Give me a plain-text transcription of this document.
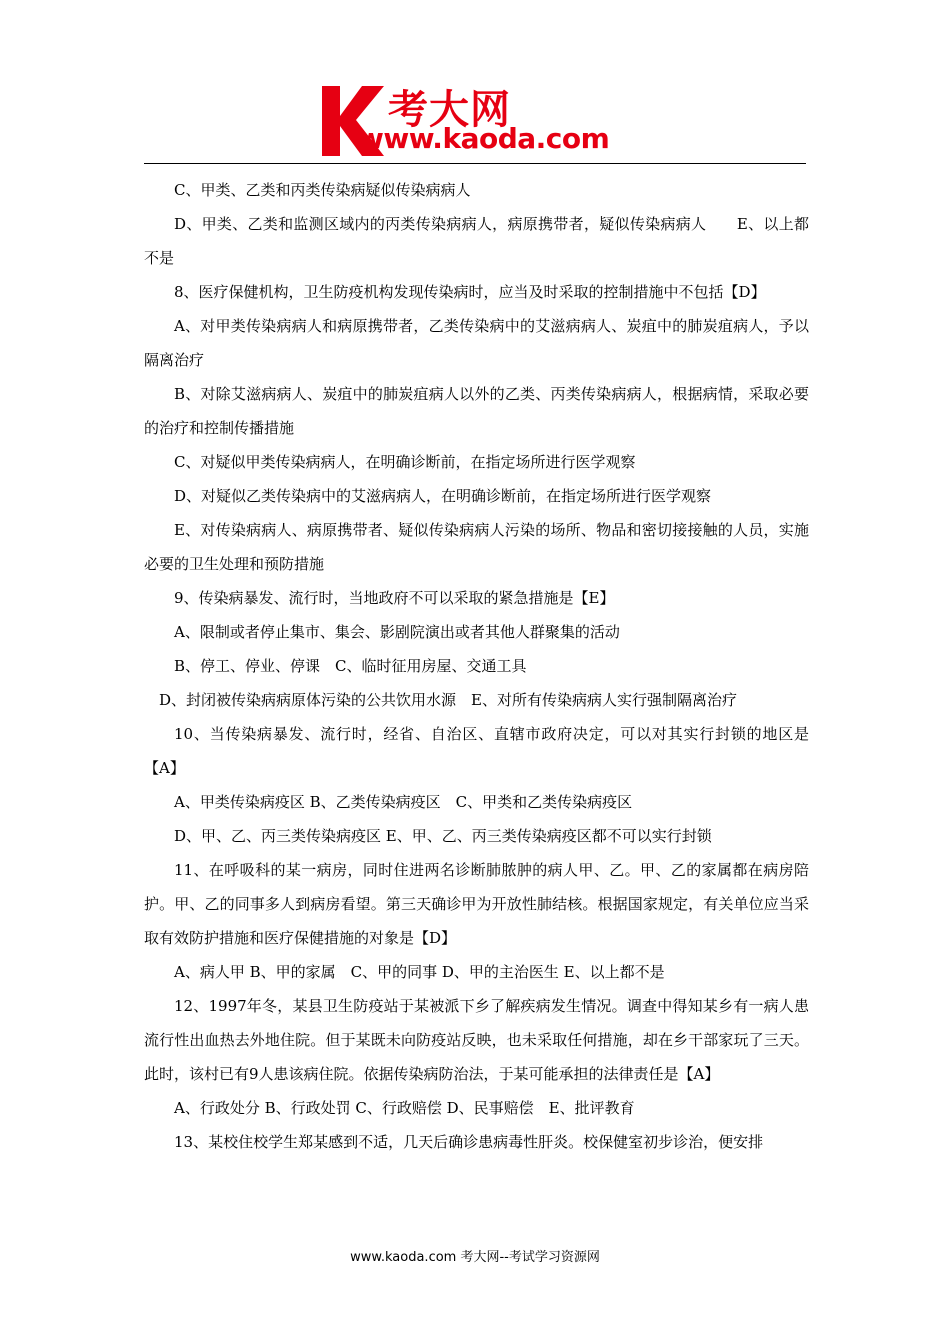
考大网
www.kaoda.com

C、甲类、乙类和丙类传染病疑似传染病病人

D、甲类、乙类和监测区域内的丙类传染病病人，病原携带者，疑似传染病病人　　E、以上都不是

8、医疗保健机构，卫生防疫机构发现传染病时，应当及时采取的控制措施中不包括【D】

A、对甲类传染病病人和病原携带者，乙类传染病中的艾滋病病人、炭疽中的肺炭疽病人，予以隔离治疗

B、对除艾滋病病人、炭疽中的肺炭疽病人以外的乙类、丙类传染病病人，根据病情，采取必要的治疗和控制传播措施

C、对疑似甲类传染病病人，在明确诊断前，在指定场所进行医学观察

D、对疑似乙类传染病中的艾滋病病人，在明确诊断前，在指定场所进行医学观察

E、对传染病病人、病原携带者、疑似传染病病人污染的场所、物品和密切接接触的人员，实施必要的卫生处理和预防措施

9、传染病暴发、流行时，当地政府不可以采取的紧急措施是【E】

A、限制或者停止集市、集会、影剧院演出或者其他人群聚集的活动

B、停工、停业、停课　C、临时征用房屋、交通工具

D、封闭被传染病病原体污染的公共饮用水源　E、对所有传染病病人实行强制隔离治疗

10、当传染病暴发、流行时，经省、自治区、直辖市政府决定，可以对其实行封锁的地区是【A】

A、甲类传染病疫区 B、乙类传染病疫区　C、甲类和乙类传染病疫区

D、甲、乙、丙三类传染病疫区 E、甲、乙、丙三类传染病疫区都不可以实行封锁

11、在呼吸科的某一病房，同时住进两名诊断肺脓肿的病人甲、乙。甲、乙的家属都在病房陪护。甲、乙的同事多人到病房看望。第三天确诊甲为开放性肺结核。根据国家规定，有关单位应当采取有效防护措施和医疗保健措施的对象是【D】

A、病人甲 B、甲的家属　C、甲的同事 D、甲的主治医生 E、以上都不是

12、1997年冬，某县卫生防疫站于某被派下乡了解疾病发生情况。调查中得知某乡有一病人患流行性出血热去外地住院。但于某既未向防疫站反映，也未采取任何措施，却在乡干部家玩了三天。此时，该村已有9人患该病住院。依据传染病防治法，于某可能承担的法律责任是【A】

A、行政处分 B、行政处罚 C、行政赔偿 D、民事赔偿　E、批评教育

13、某校住校学生郑某感到不适，几天后确诊患病毒性肝炎。校保健室初步诊治，便安排

www.kaoda.com 考大网--考试学习资源网
